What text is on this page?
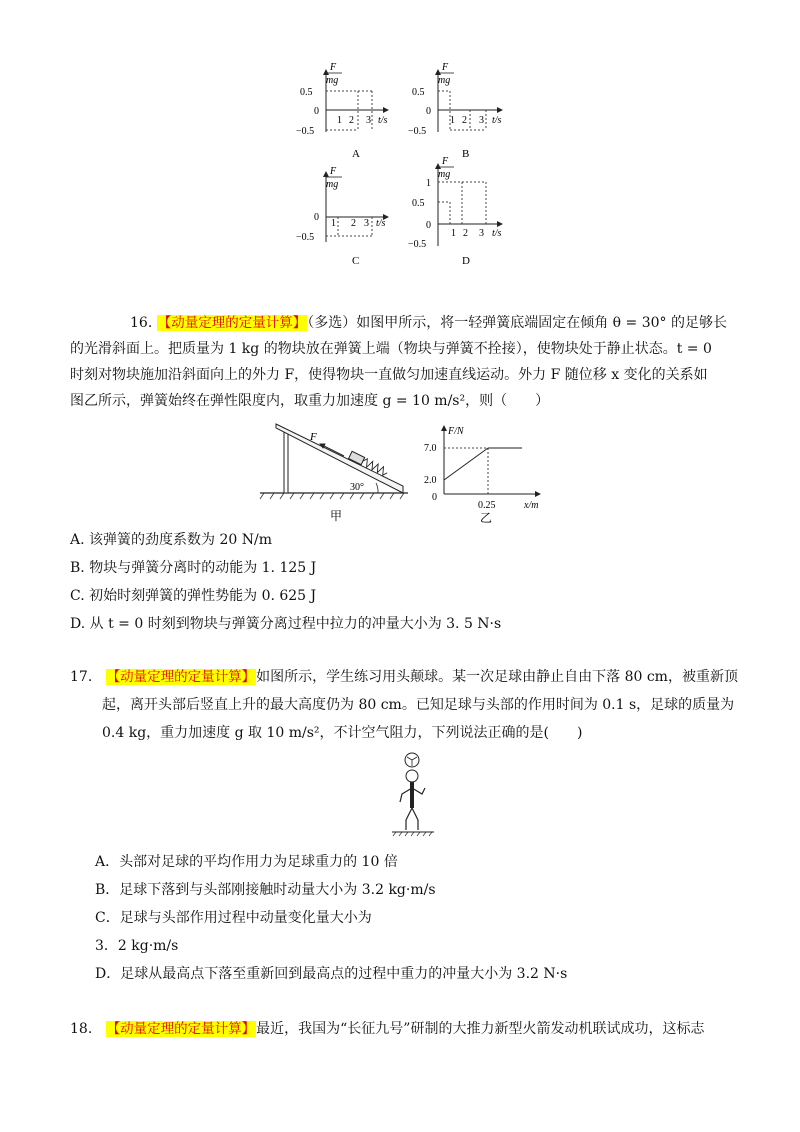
F
mg
0.5
0
−0.5
1 2 3 t/s
A
F
mg
0.5
0
−0.5
1 2 3 t/s
B
F
mg
0
−0.5
1 2 3 t/s
C
F
mg
1
0.5
0
−0.5
1 2 3 t/s
D
16. 【动量定理的定量计算】（多选）如图甲所示，将一轻弹簧底端固定在倾角 θ = 30° 的足够长
的光滑斜面上。把质量为 1 kg 的物块放在弹簧上端（物块与弹簧不拴接），使物块处于静止状态。t = 0
时刻对物块施加沿斜面向上的外力 F，使得物块一直做匀加速直线运动。外力 F 随位移 x 变化的关系如
图乙所示，弹簧始终在弹性限度内，取重力加速度 g = 10 m/s²，则（　　）
F
30°
甲
F/N
7.0
2.0
0
0.25	x/m
乙
A. 该弹簧的劲度系数为 20 N/m
B. 物块与弹簧分离时的动能为 1. 125 J
C. 初始时刻弹簧的弹性势能为 0. 625 J
D. 从 t = 0 时刻到物块与弹簧分离过程中拉力的冲量大小为 3. 5 N·s
17. 【动量定理的定量计算】如图所示，学生练习用头颠球。某一次足球由静止自由下落 80 cm，被重新顶
起，离开头部后竖直上升的最大高度仍为 80 cm。已知足球与头部的作用时间为 0.1 s，足球的质量为
0.4 kg，重力加速度 g 取 10 m/s²，不计空气阻力，下列说法正确的是(　　)
A．头部对足球的平均作用力为足球重力的 10 倍
B．足球下落到与头部刚接触时动量大小为 3.2 kg·m/s
C．足球与头部作用过程中动量变化量大小为
3．2 kg·m/s
D．足球从最高点下落至重新回到最高点的过程中重力的冲量大小为 3.2 N·s
18. 【动量定理的定量计算】最近，我国为“长征九号”研制的大推力新型火箭发动机联试成功，这标志
